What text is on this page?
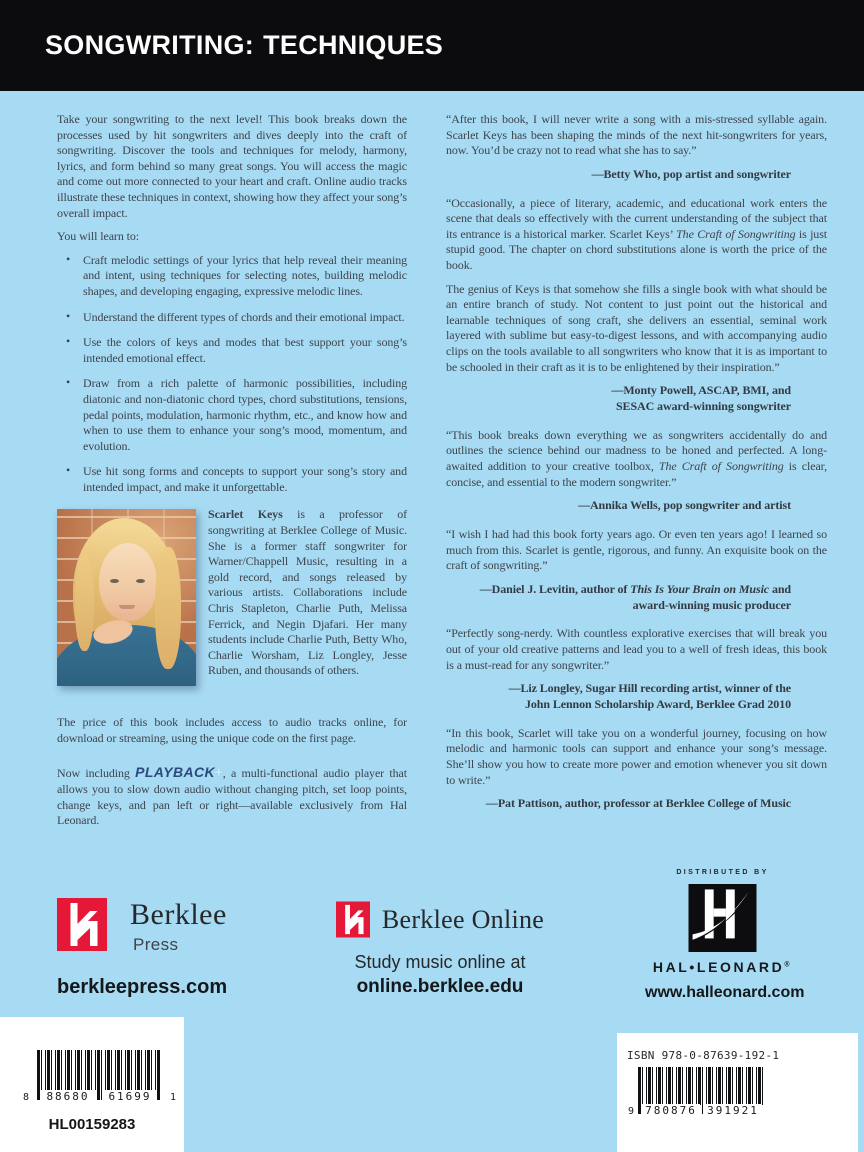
SONGWRITING: TECHNIQUES

Take your songwriting to the next level! This book breaks down the processes used by hit songwriters and dives deeply into the craft of songwriting. Discover the tools and techniques for melody, harmony, lyrics, and form behind so many great songs. You will access the magic and come out more connected to your heart and craft. Online audio tracks illustrate these techniques in context, showing how they affect your song’s overall impact.

You will learn to:

• Craft melodic settings of your lyrics that help reveal their meaning and intent, using techniques for selecting notes, building melodic shapes, and developing engaging, expressive melodic lines.
• Understand the different types of chords and their emotional impact.
• Use the colors of keys and modes that best support your song’s intended emotional effect.
• Draw from a rich palette of harmonic possibilities, including diatonic and non-diatonic chord types, chord substitutions, tensions, pedal points, modulation, harmonic rhythm, etc., and know how and when to use them to enhance your song’s mood, momentum, and evolution.
• Use hit song forms and concepts to support your song’s story and intended impact, and make it unforgettable.

Scarlet Keys is a professor of songwriting at Berklee College of Music. She is a former staff songwriter for Warner/Chappell Music, resulting in a gold record, and songs released by various artists. Collaborations include Chris Stapleton, Charlie Puth, Melissa Ferrick, and Negin Djafari. Her many students include Charlie Puth, Betty Who, Charlie Worsham, Liz Longley, Jesse Ruben, and thousands of others.

The price of this book includes access to audio tracks online, for download or streaming, using the unique code on the first page.

Now including PLAYBACK+, a multi-functional audio player that allows you to slow down audio without changing pitch, set loop points, change keys, and pan left or right—available exclusively from Hal Leonard.

“After this book, I will never write a song with a mis-stressed syllable again. Scarlet Keys has been shaping the minds of the next hit-songwriters for years, now. You’d be crazy not to read what she has to say.”

—Betty Who, pop artist and songwriter

“Occasionally, a piece of literary, academic, and educational work enters the scene that deals so effectively with the current understanding of the subject that its entrance is a historical marker. Scarlet Keys’ The Craft of Songwriting is just stupid good. The chapter on chord substitutions alone is worth the price of the book.

The genius of Keys is that somehow she fills a single book with what should be an entire branch of study. Not content to just point out the historical and learnable techniques of song craft, she delivers an essential, seminal work layered with sublime but easy-to-digest lessons, and with accompanying audio clips on the tools available to all songwriters who know that it is as important to be schooled in their craft as it is to be enlightened by their inspiration.”

—Monty Powell, ASCAP, BMI, and
SESAC award-winning songwriter

“This book breaks down everything we as songwriters accidentally do and outlines the science behind our madness to be honed and perfected. A long-awaited addition to your creative toolbox, The Craft of Songwriting is clear, concise, and essential to the modern songwriter.”

—Annika Wells, pop songwriter and artist

“I wish I had had this book forty years ago. Or even ten years ago! I learned so much from this. Scarlet is gentle, rigorous, and funny. An exquisite book on the craft of songwriting.”

—Daniel J. Levitin, author of This Is Your Brain on Music and
award-winning music producer

“Perfectly song-nerdy. With countless explorative exercises that will break you out of your old creative patterns and lead you to a well of fresh ideas, this book is a must-read for any songwriter.”

—Liz Longley, Sugar Hill recording artist, winner of the
John Lennon Scholarship Award, Berklee Grad 2010

“In this book, Scarlet will take you on a wonderful journey, focusing on how melodic and harmonic tools can support and enhance your song’s message. She’ll show you how to create more power and emotion whenever you sit down to write.”

—Pat Pattison, author, professor at Berklee College of Music
Berklee
Press
berkleepress.com
Berklee Online
Study music online at
online.berklee.edu
DISTRIBUTED BY
HAL•LEONARD®
www.halleonard.com
8 88680 61699	1
HL00159283
ISBN 978-0-87639-192-1
9 780876 391921
